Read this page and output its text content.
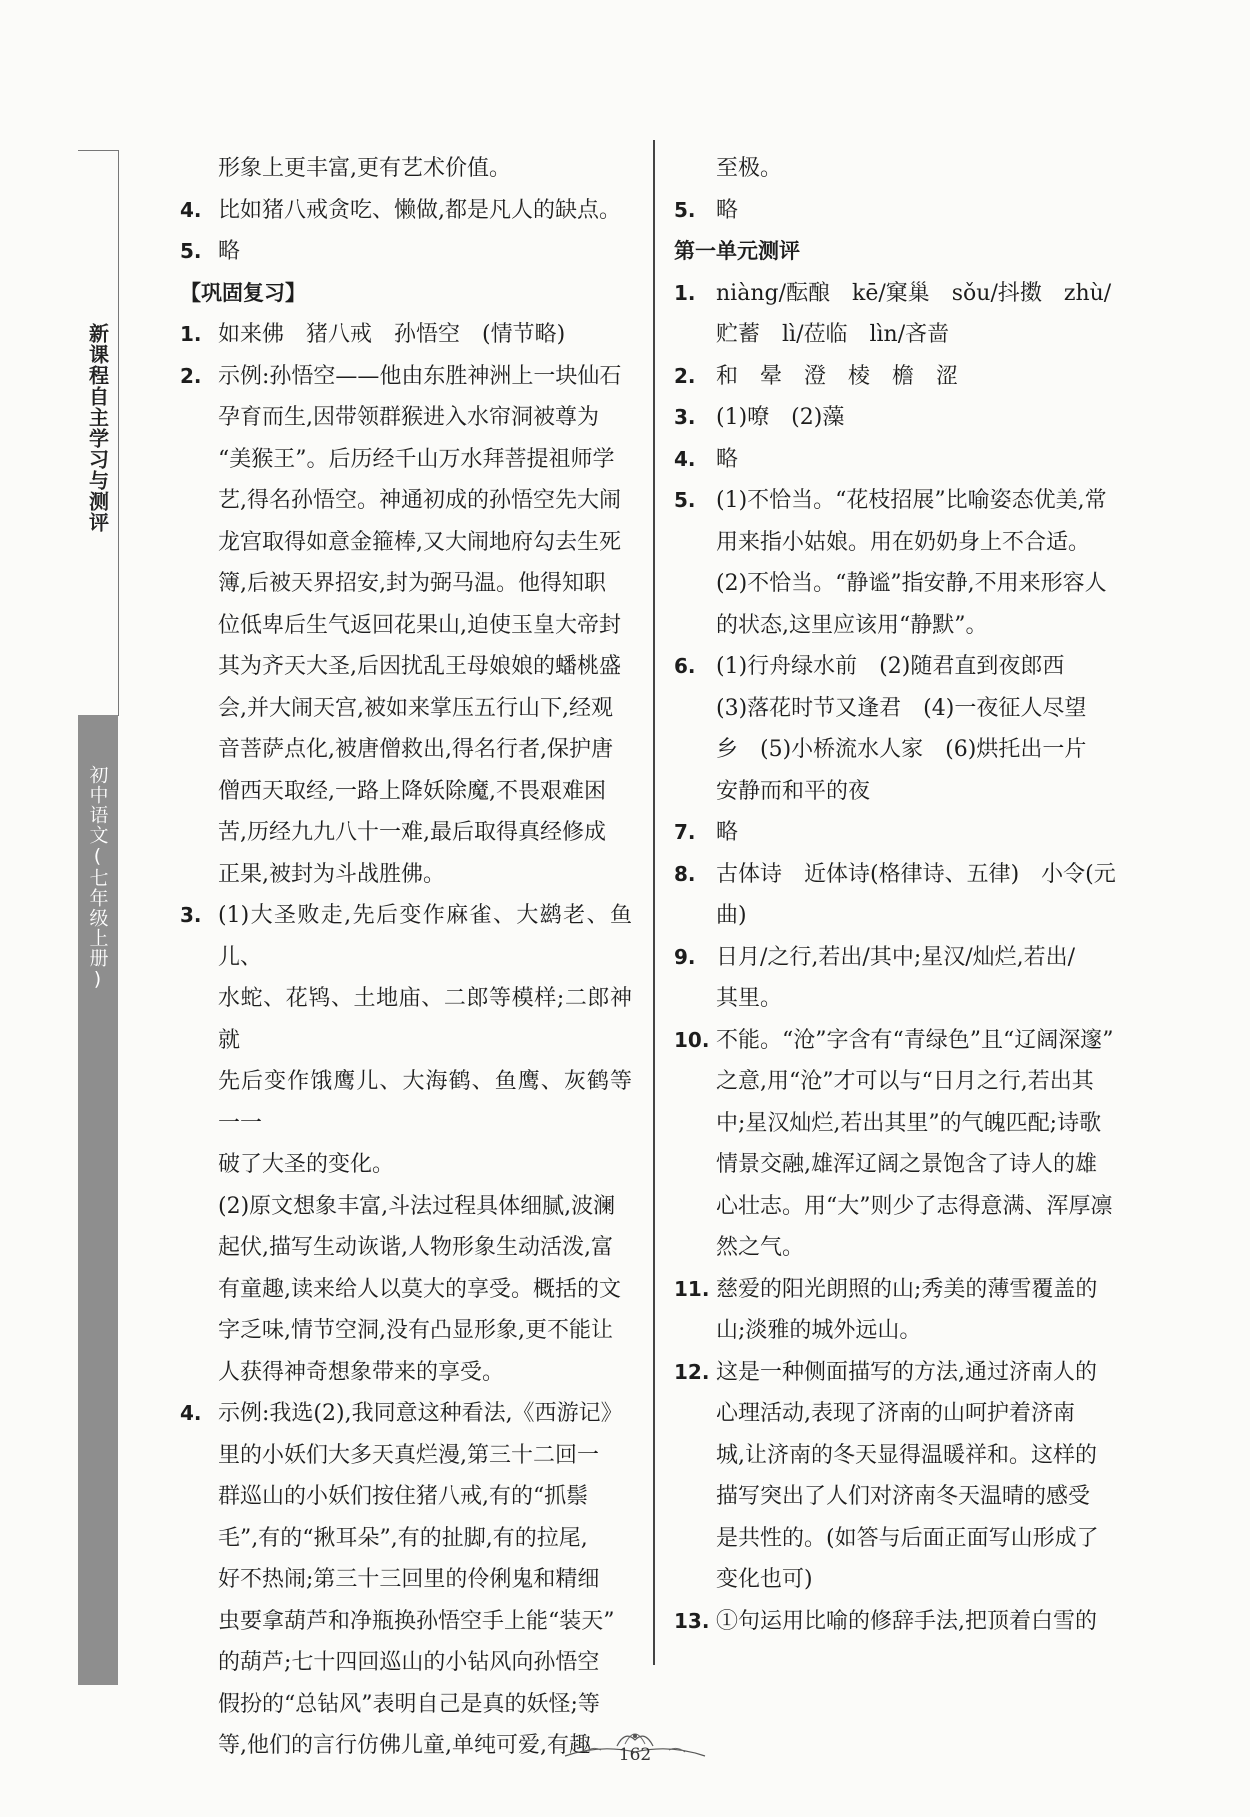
新课程自主学习与测评
初中语文(七年级上册)
形象上更丰富,更有艺术价值。
4. 比如猪八戒贪吃、懒做,都是凡人的缺点。
5. 略
【巩固复习】
1. 如来佛　猪八戒　孙悟空　(情节略)
2. 示例:孙悟空——他由东胜神洲上一块仙石
孕育而生,因带领群猴进入水帘洞被尊为
“美猴王”。后历经千山万水拜菩提祖师学
艺,得名孙悟空。神通初成的孙悟空先大闹
龙宫取得如意金箍棒,又大闹地府勾去生死
簿,后被天界招安,封为弼马温。他得知职
位低卑后生气返回花果山,迫使玉皇大帝封
其为齐天大圣,后因扰乱王母娘娘的蟠桃盛
会,并大闹天宫,被如来掌压五行山下,经观
音菩萨点化,被唐僧救出,得名行者,保护唐
僧西天取经,一路上降妖除魔,不畏艰难困
苦,历经九九八十一难,最后取得真经修成
正果,被封为斗战胜佛。
3. (1)大圣败走,先后变作麻雀、大鹚老、鱼儿、
水蛇、花鸨、土地庙、二郎等模样;二郎神就
先后变作饿鹰儿、大海鹤、鱼鹰、灰鹤等一一
破了大圣的变化。
(2)原文想象丰富,斗法过程具体细腻,波澜
起伏,描写生动诙谐,人物形象生动活泼,富
有童趣,读来给人以莫大的享受。概括的文
字乏味,情节空洞,没有凸显形象,更不能让
人获得神奇想象带来的享受。
4. 示例:我选(2),我同意这种看法,《西游记》
里的小妖们大多天真烂漫,第三十二回一
群巡山的小妖们按住猪八戒,有的“抓鬃
毛”,有的“揪耳朵”,有的扯脚,有的拉尾,
好不热闹;第三十三回里的伶俐鬼和精细
虫要拿葫芦和净瓶换孙悟空手上能“装天”
的葫芦;七十四回巡山的小钻风向孙悟空
假扮的“总钻风”表明自己是真的妖怪;等
等,他们的言行仿佛儿童,单纯可爱,有趣
至极。
5. 略
第一单元测评
1. niàng/酝酿　kē/窠巢　sǒu/抖擞　zhù/
贮蓄　lì/莅临　lìn/吝啬
2. 和　晕　澄　棱　檐　涩
3. (1)嘹　(2)藻
4. 略
5. (1)不恰当。“花枝招展”比喻姿态优美,常
用来指小姑娘。用在奶奶身上不合适。
(2)不恰当。“静谧”指安静,不用来形容人
的状态,这里应该用“静默”。
6. (1)行舟绿水前　(2)随君直到夜郎西
(3)落花时节又逢君　(4)一夜征人尽望
乡　(5)小桥流水人家　(6)烘托出一片
安静而和平的夜
7. 略
8. 古体诗　近体诗(格律诗、五律)　小令(元
曲)
9. 日月/之行,若出/其中;星汉/灿烂,若出/
其里。
10. 不能。“沧”字含有“青绿色”且“辽阔深邃”
之意,用“沧”才可以与“日月之行,若出其
中;星汉灿烂,若出其里”的气魄匹配;诗歌
情景交融,雄浑辽阔之景饱含了诗人的雄
心壮志。用“大”则少了志得意满、浑厚凛
然之气。
11. 慈爱的阳光朗照的山;秀美的薄雪覆盖的
山;淡雅的城外远山。
12. 这是一种侧面描写的方法,通过济南人的
心理活动,表现了济南的山呵护着济南
城,让济南的冬天显得温暖祥和。这样的
描写突出了人们对济南冬天温晴的感受
是共性的。(如答与后面正面写山形成了
变化也可)
13. ①句运用比喻的修辞手法,把顶着白雪的
162
